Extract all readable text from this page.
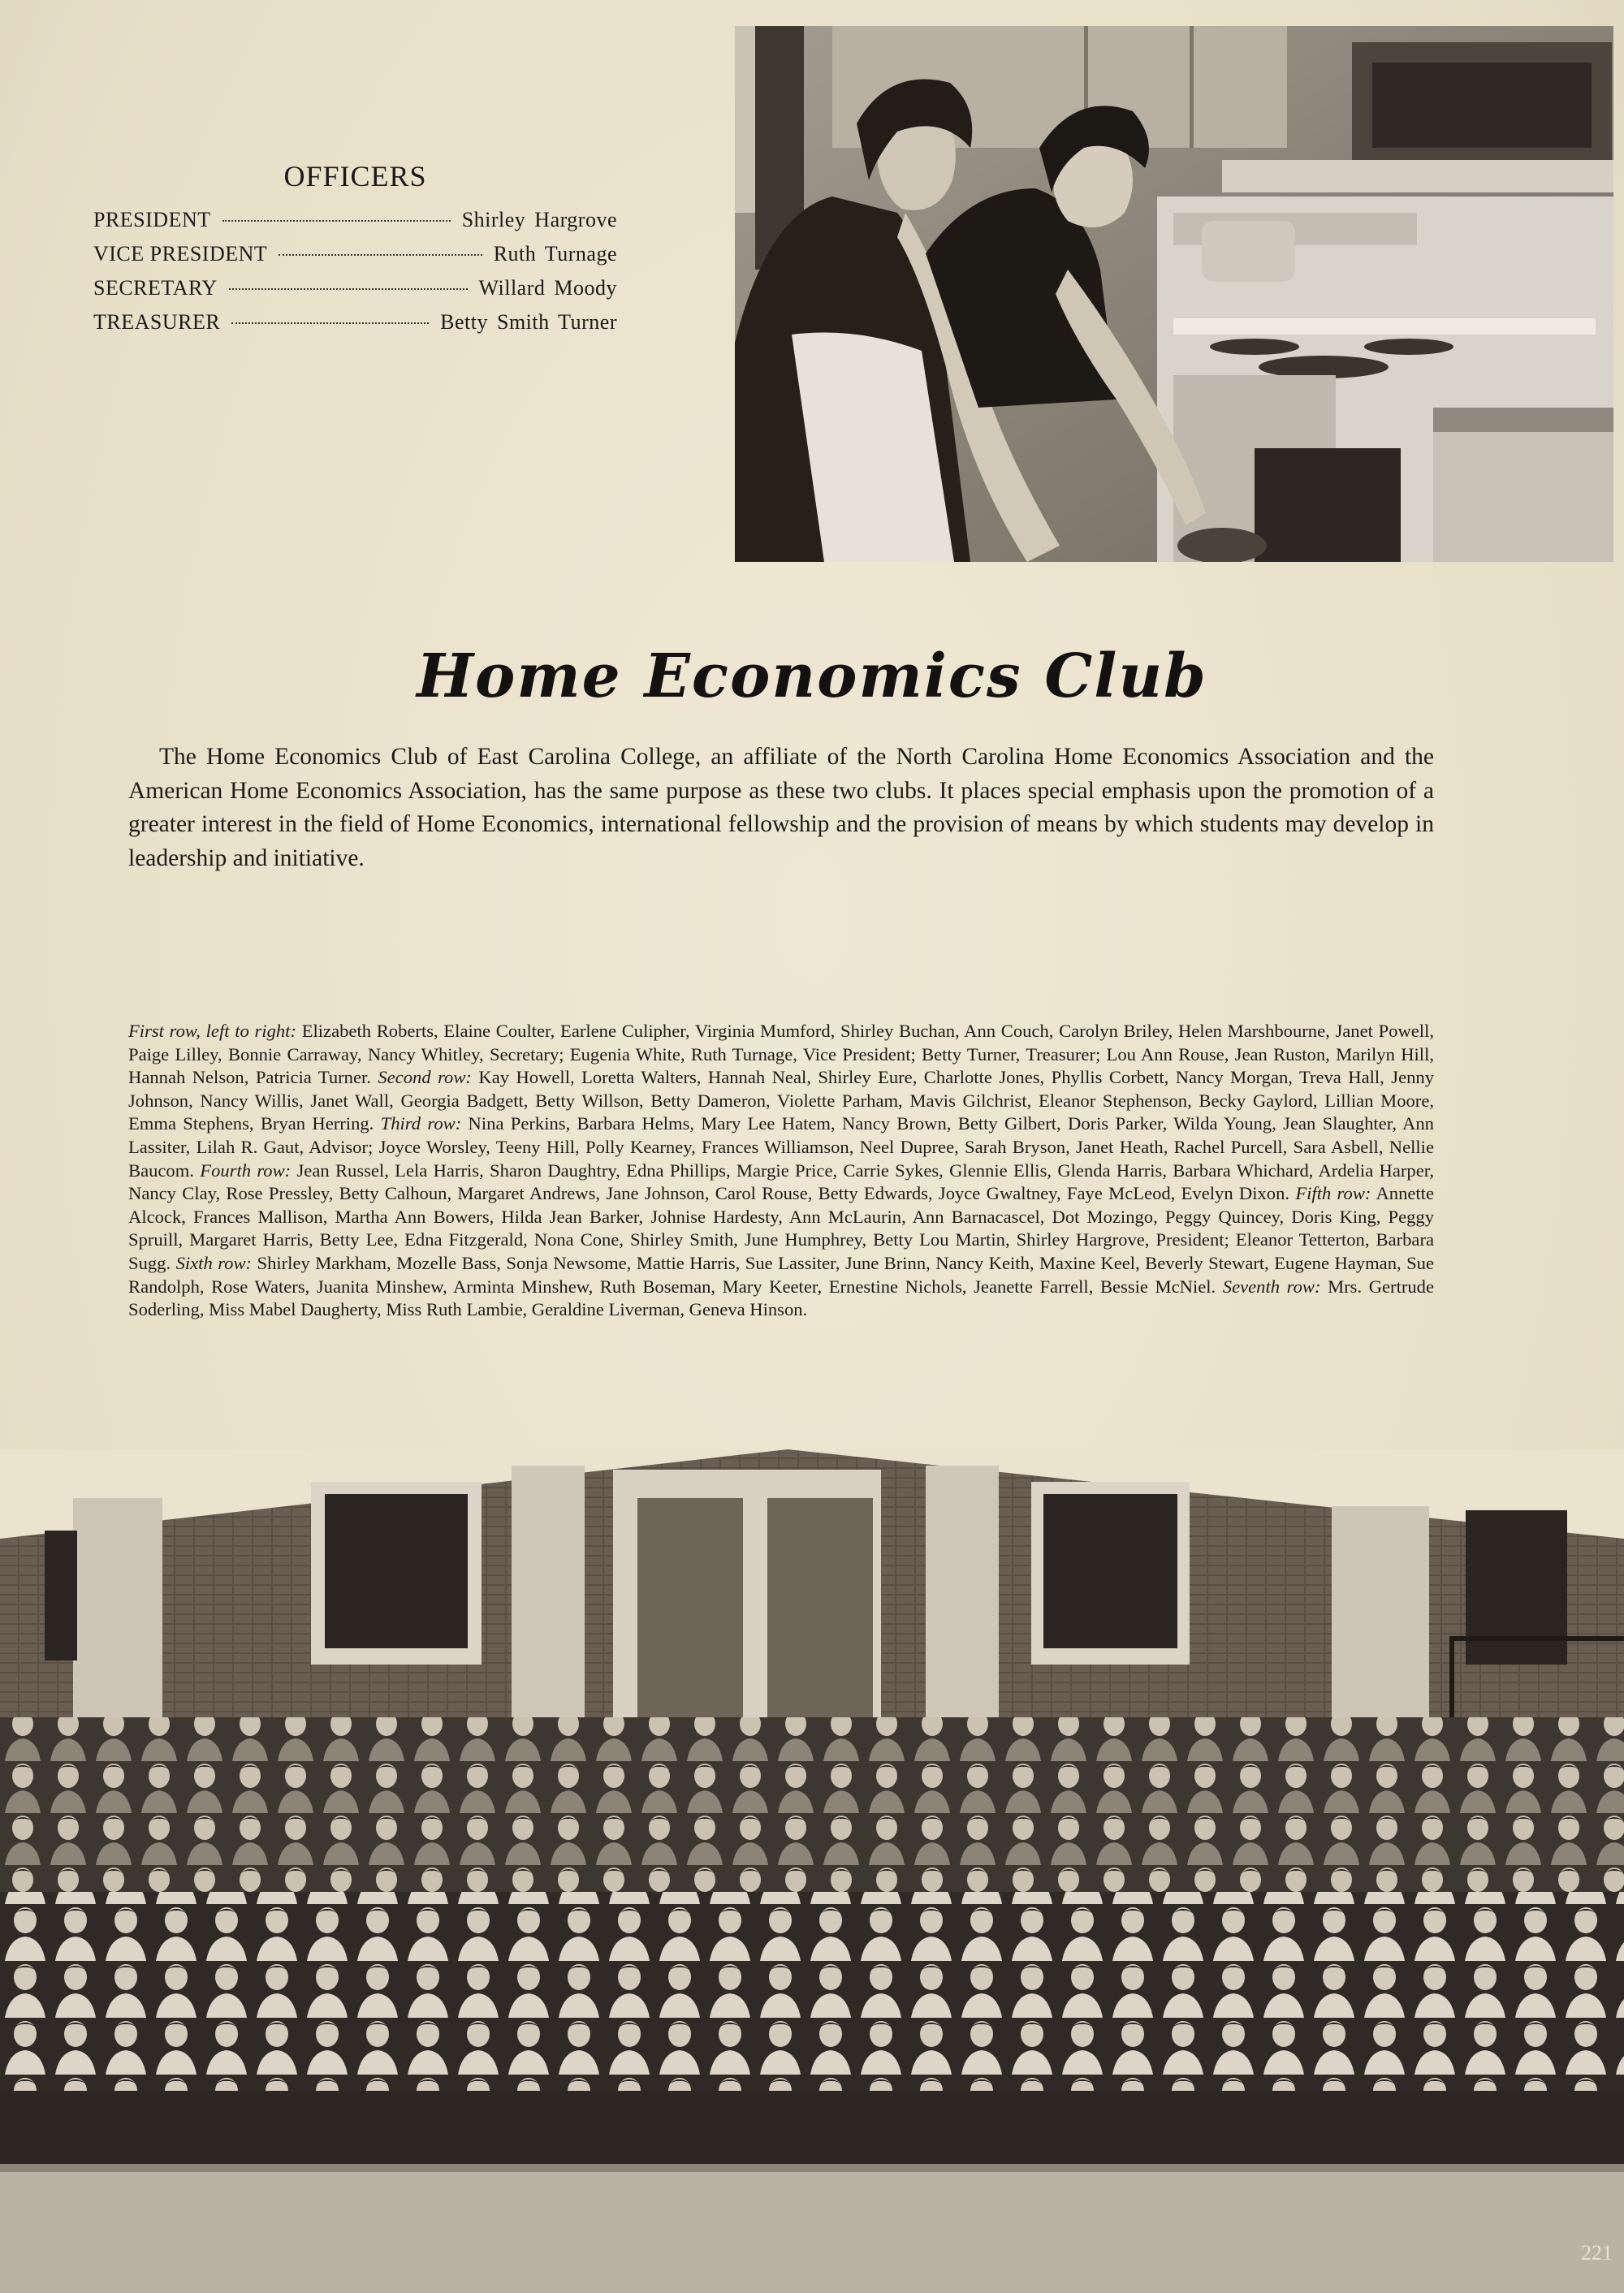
OFFICERS
PRESIDENT	Shirley Hargrove
VICE PRESIDENT	Ruth Turnage
SECRETARY	Willard Moody
TREASURER	Betty Smith Turner
Home Economics Club
The Home Economics Club of East Carolina College, an affiliate of the North Carolina Home Economics Association and the American Home Economics Association, has the same purpose as these two clubs. It places special emphasis upon the promotion of a greater interest in the field of Home Economics, international fellowship and the provision of means by which students may develop in leadership and initiative.
First row, left to right: Elizabeth Roberts, Elaine Coulter, Earlene Culipher, Virginia Mumford, Shirley Buchan, Ann Couch, Carolyn Briley, Helen Marshbourne, Janet Powell, Paige Lilley, Bonnie Carraway, Nancy Whitley, Secretary; Eugenia White, Ruth Turnage, Vice President; Betty Turner, Treasurer; Lou Ann Rouse, Jean Ruston, Marilyn Hill, Hannah Nelson, Patricia Turner. Second row: Kay Howell, Loretta Walters, Hannah Neal, Shirley Eure, Charlotte Jones, Phyllis Corbett, Nancy Morgan, Treva Hall, Jenny Johnson, Nancy Willis, Janet Wall, Georgia Badgett, Betty Willson, Betty Dameron, Violette Parham, Mavis Gilchrist, Eleanor Stephenson, Becky Gaylord, Lillian Moore, Emma Stephens, Bryan Herring. Third row: Nina Perkins, Barbara Helms, Mary Lee Hatem, Nancy Brown, Betty Gilbert, Doris Parker, Wilda Young, Jean Slaughter, Ann Lassiter, Lilah R. Gaut, Advisor; Joyce Worsley, Teeny Hill, Polly Kearney, Frances Williamson, Neel Dupree, Sarah Bryson, Janet Heath, Rachel Purcell, Sara Asbell, Nellie Baucom. Fourth row: Jean Russel, Lela Harris, Sharon Daughtry, Edna Phillips, Margie Price, Carrie Sykes, Glennie Ellis, Glenda Harris, Barbara Whichard, Ardelia Harper, Nancy Clay, Rose Pressley, Betty Calhoun, Margaret Andrews, Jane Johnson, Carol Rouse, Betty Edwards, Joyce Gwaltney, Faye McLeod, Evelyn Dixon. Fifth row: Annette Alcock, Frances Mallison, Martha Ann Bowers, Hilda Jean Barker, Johnise Hardesty, Ann McLaurin, Ann Barnacascel, Dot Mozingo, Peggy Quincey, Doris King, Peggy Spruill, Margaret Harris, Betty Lee, Edna Fitzgerald, Nona Cone, Shirley Smith, June Humphrey, Betty Lou Martin, Shirley Hargrove, President; Eleanor Tetterton, Barbara Sugg. Sixth row: Shirley Markham, Mozelle Bass, Sonja Newsome, Mattie Harris, Sue Lassiter, June Brinn, Nancy Keith, Maxine Keel, Beverly Stewart, Eugene Hayman, Sue Randolph, Rose Waters, Juanita Minshew, Arminta Minshew, Ruth Boseman, Mary Keeter, Ernestine Nichols, Jeanette Farrell, Bessie McNiel. Seventh row: Mrs. Gertrude Soderling, Miss Mabel Daugherty, Miss Ruth Lambie, Geraldine Liverman, Geneva Hinson.
221
